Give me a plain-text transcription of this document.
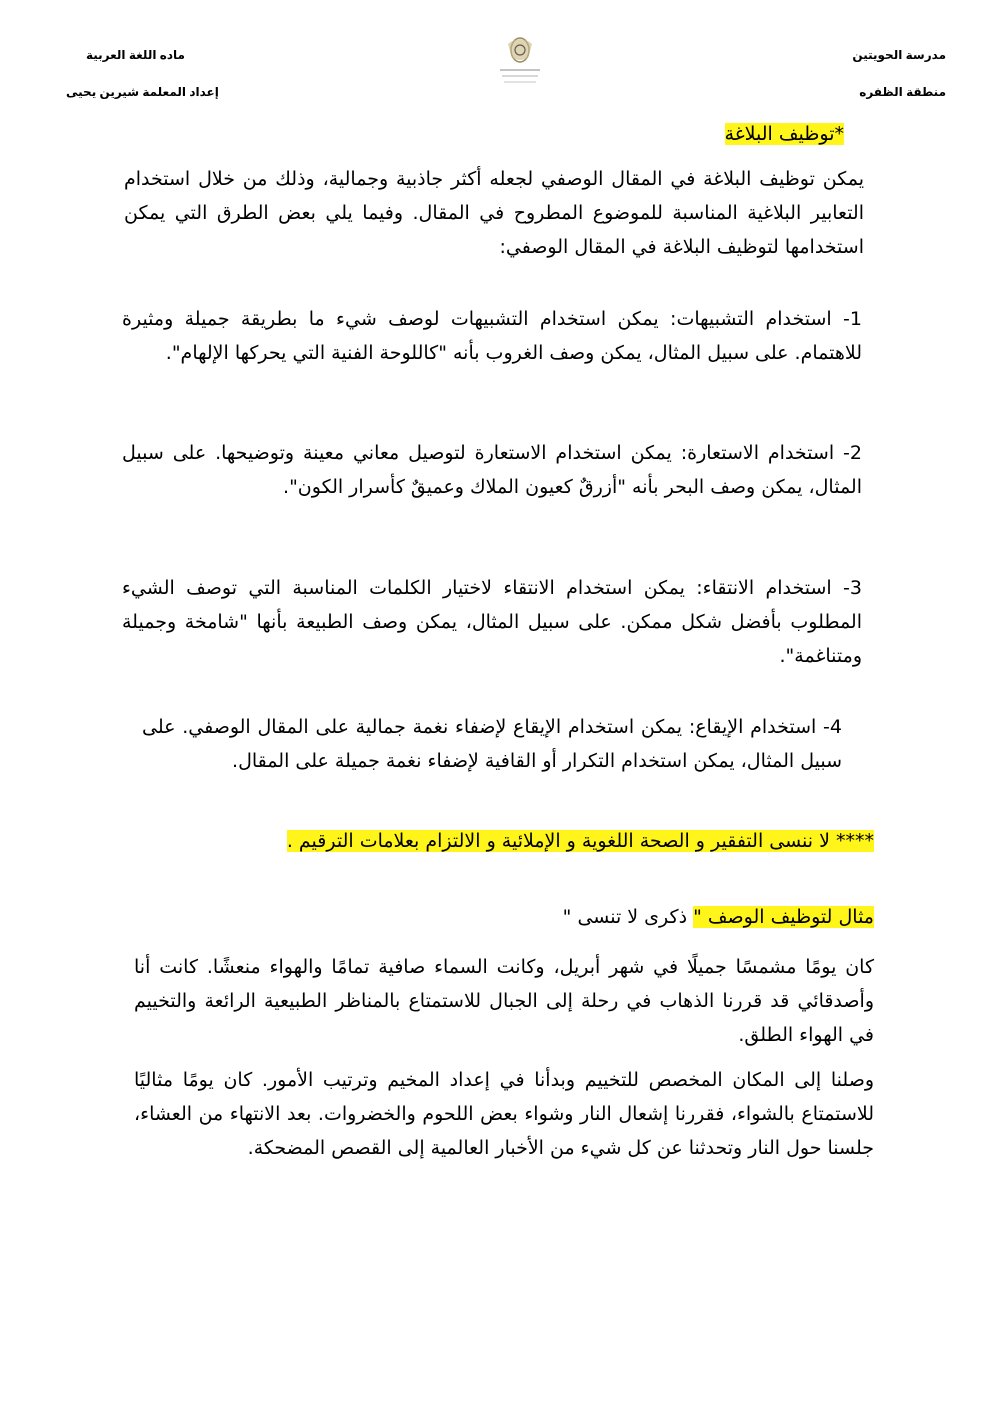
مدرسة الحويتين
منطقة الظفره
ماده اللغة العربية
إعداد المعلمة شيرين يحيى
*توظيف البلاغة

يمكن توظيف البلاغة في المقال الوصفي لجعله أكثر جاذبية وجمالية، وذلك من خلال استخدام التعابير البلاغية المناسبة للموضوع المطروح في المقال. وفيما يلي بعض الطرق التي يمكن استخدامها لتوظيف البلاغة في المقال الوصفي:

1- استخدام التشبيهات: يمكن استخدام التشبيهات لوصف شيء ما بطريقة جميلة ومثيرة للاهتمام. على سبيل المثال، يمكن وصف الغروب بأنه "كاللوحة الفنية التي يحركها الإلهام".

2- استخدام الاستعارة: يمكن استخدام الاستعارة لتوصيل معاني معينة وتوضيحها. على سبيل المثال، يمكن وصف البحر بأنه "أزرقٌ كعيون الملاك وعميقٌ كأسرار الكون".

3- استخدام الانتقاء: يمكن استخدام الانتقاء لاختيار الكلمات المناسبة التي توصف الشيء المطلوب بأفضل شكل ممكن. على سبيل المثال، يمكن وصف الطبيعة بأنها "شامخة وجميلة ومتناغمة".

4- استخدام الإيقاع: يمكن استخدام الإيقاع لإضفاء نغمة جمالية على المقال الوصفي. على سبيل المثال، يمكن استخدام التكرار أو القافية لإضفاء نغمة جميلة على المقال.

**** لا ننسى التفقير و الصحة اللغوية و الإملائية و الالتزام بعلامات الترقيم .
مثال لتوظيف الوصف " ذكرى لا تنسى "

كان يومًا مشمسًا جميلًا في شهر أبريل، وكانت السماء صافية تمامًا والهواء منعشًا. كانت أنا وأصدقائي قد قررنا الذهاب في رحلة إلى الجبال للاستمتاع بالمناظر الطبيعية الرائعة والتخييم في الهواء الطلق.

وصلنا إلى المكان المخصص للتخييم وبدأنا في إعداد المخيم وترتيب الأمور. كان يومًا مثاليًا للاستمتاع بالشواء، فقررنا إشعال النار وشواء بعض اللحوم والخضروات. بعد الانتهاء من العشاء، جلسنا حول النار وتحدثنا عن كل شيء من الأخبار العالمية إلى القصص المضحكة.
